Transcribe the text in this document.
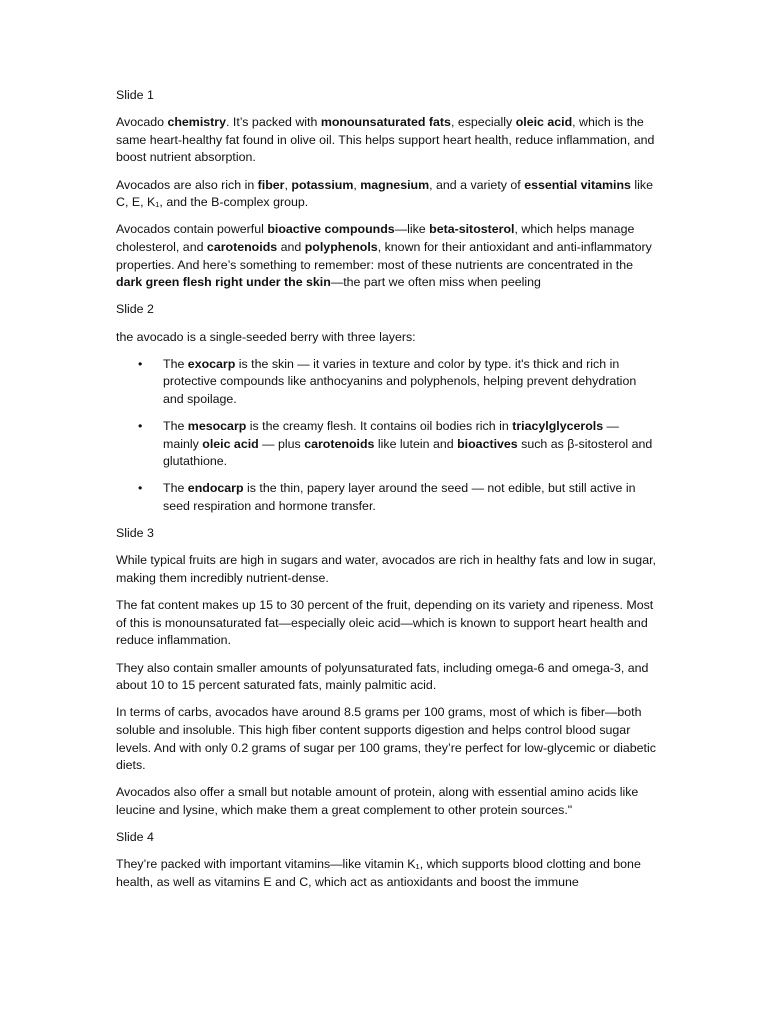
Slide 1

Avocado chemistry. It’s packed with monounsaturated fats, especially oleic acid, which is the same heart-healthy fat found in olive oil. This helps support heart health, reduce inflammation, and boost nutrient absorption.

Avocados are also rich in fiber, potassium, magnesium, and a variety of essential vitamins like C, E, K₁, and the B-complex group.

Avocados contain powerful bioactive compounds—like beta-sitosterol, which helps manage cholesterol, and carotenoids and polyphenols, known for their antioxidant and anti-inflammatory properties. And here’s something to remember: most of these nutrients are concentrated in the dark green flesh right under the skin—the part we often miss when peeling

Slide 2

the avocado is a single-seeded berry with three layers:

• The exocarp is the skin — it varies in texture and color by type. it's thick and rich in protective compounds like anthocyanins and polyphenols, helping prevent dehydration and spoilage.
• The mesocarp is the creamy flesh. It contains oil bodies rich in triacylglycerols — mainly oleic acid — plus carotenoids like lutein and bioactives such as β-sitosterol and glutathione.
• The endocarp is the thin, papery layer around the seed — not edible, but still active in seed respiration and hormone transfer.

Slide 3

While typical fruits are high in sugars and water, avocados are rich in healthy fats and low in sugar, making them incredibly nutrient-dense.

The fat content makes up 15 to 30 percent of the fruit, depending on its variety and ripeness. Most of this is monounsaturated fat—especially oleic acid—which is known to support heart health and reduce inflammation.

They also contain smaller amounts of polyunsaturated fats, including omega-6 and omega-3, and about 10 to 15 percent saturated fats, mainly palmitic acid.

In terms of carbs, avocados have around 8.5 grams per 100 grams, most of which is fiber—both soluble and insoluble. This high fiber content supports digestion and helps control blood sugar levels. And with only 0.2 grams of sugar per 100 grams, they’re perfect for low-glycemic or diabetic diets.

Avocados also offer a small but notable amount of protein, along with essential amino acids like leucine and lysine, which make them a great complement to other protein sources."

Slide 4

They’re packed with important vitamins—like vitamin K₁, which supports blood clotting and bone health, as well as vitamins E and C, which act as antioxidants and boost the immune
